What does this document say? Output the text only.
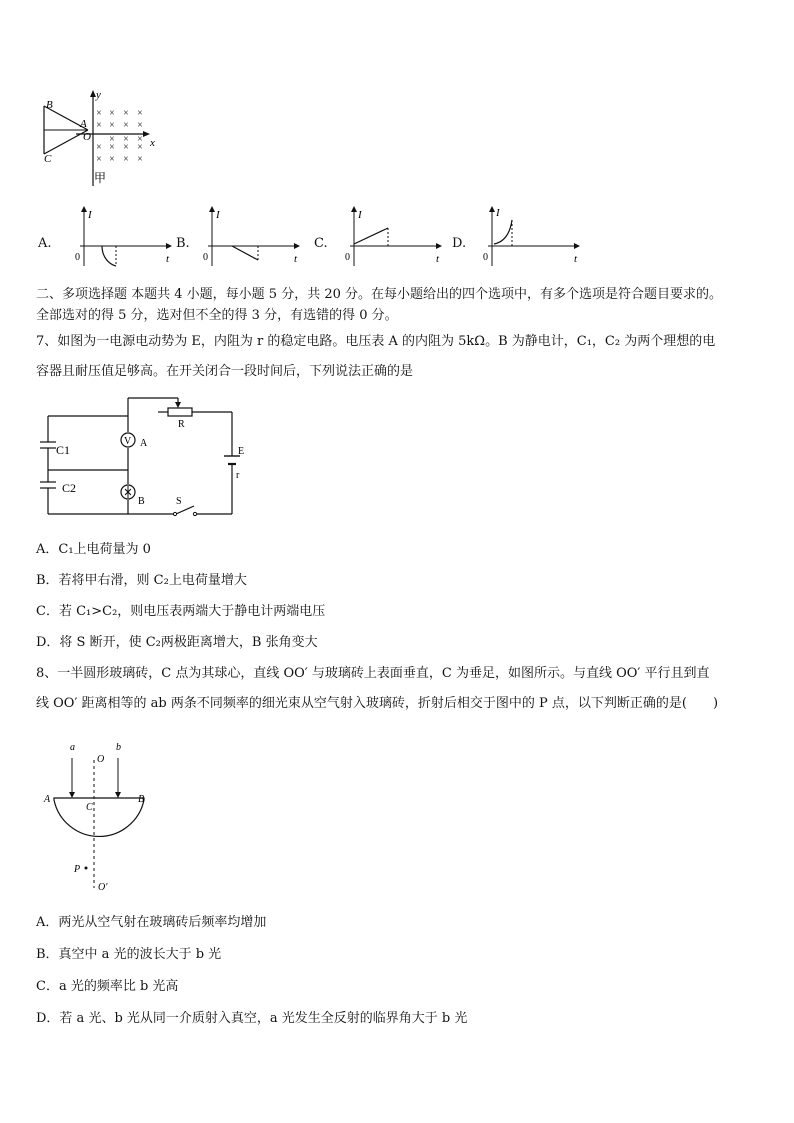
× × × ×
× × × ×
× × ×
× × × ×
× × × ×
B
A
C
O
y
x
甲
A.
I
t
0
B.
I
t
0
C.
I
t
0
D.
I
t
0
二、多项选择题 本题共 4 小题，每小题 5 分，共 20 分。在每小题给出的四个选项中，有多个选项是符合题目要求的。
全部选对的得 5 分，选对但不全的得 3 分，有选错的得 0 分。
7、如图为一电源电动势为 E，内阻为 r 的稳定电路。电压表 A 的内阻为 5kΩ。B 为静电计，C₁，C₂ 为两个理想的电
容器且耐压值足够高。在开关闭合一段时间后，下列说法正确的是
V
C1
C2
A
B
R
E
r
S
A．C₁上电荷量为 0
B．若将甲右滑，则 C₂上电荷量增大
C．若 C₁>C₂，则电压表两端大于静电计两端电压
D．将 S 断开，使 C₂两极距离增大，B 张角变大
8、一半圆形玻璃砖，C 点为其球心，直线 OO′ 与玻璃砖上表面垂直，C 为垂足，如图所示。与直线 OO′ 平行且到直
线 OO′ 距离相等的 ab 两条不同频率的细光束从空气射入玻璃砖，折射后相交于图中的 P 点，以下判断正确的是(　　)
a	b
O
A	B
C
P
O′
A．两光从空气射在玻璃砖后频率均增加
B．真空中 a 光的波长大于 b 光
C．a 光的频率比 b 光高
D．若 a 光、b 光从同一介质射入真空，a 光发生全反射的临界角大于 b 光
